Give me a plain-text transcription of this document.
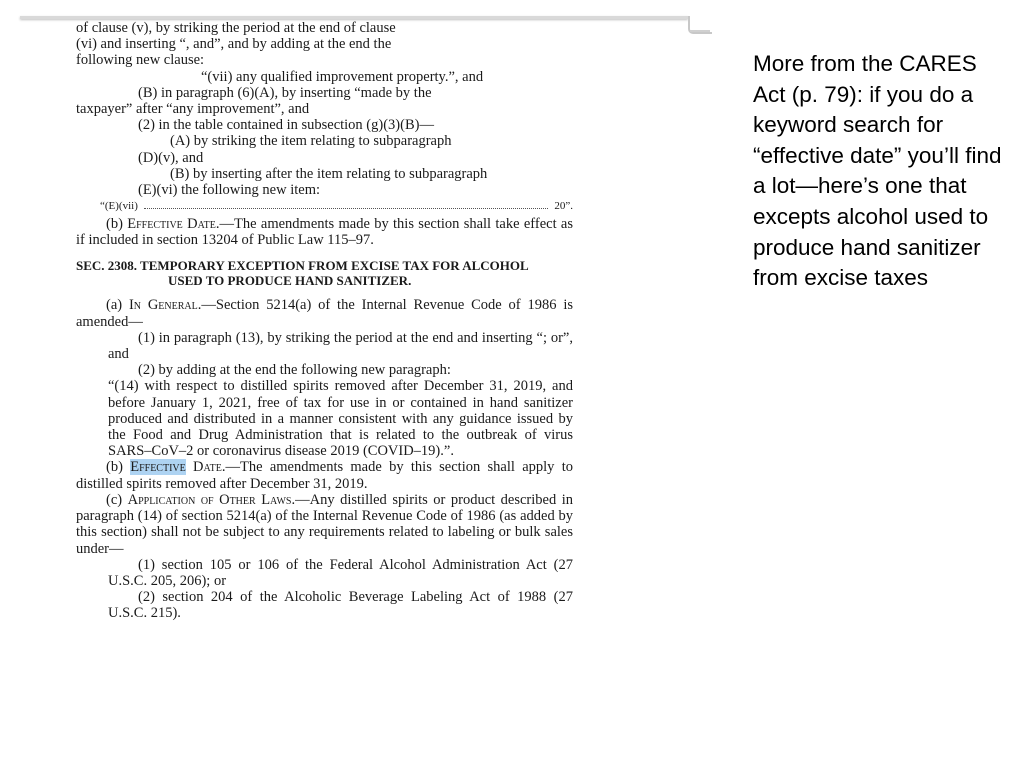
of clause (v), by striking the period at the end of clause

(vi) and inserting “, and”, and by adding at the end the

following new clause:

“(vii) any qualified improvement property.”, and

(B) in paragraph (6)(A), by inserting “made by the

taxpayer” after “any improvement”, and

(2) in the table contained in subsection (g)(3)(B)—

(A) by striking the item relating to subparagraph

(D)(v), and

(B) by inserting after the item relating to subparagraph

(E)(vi) the following new item:

“(E)(vii)	20”.

(b) Effective Date.—The amendments made by this section shall take effect as if included in section 13204 of Public Law 115–97.

SEC. 2308. TEMPORARY EXCEPTION FROM EXCISE TAX FOR ALCOHOL

USED TO PRODUCE HAND SANITIZER.

(a) In General.—Section 5214(a) of the Internal Revenue Code of 1986 is amended—

(1) in paragraph (13), by striking the period at the end and inserting “; or”, and

(2) by adding at the end the following new paragraph:

“(14) with respect to distilled spirits removed after December 31, 2019, and before January 1, 2021, free of tax for use in or contained in hand sanitizer produced and distributed in a manner consistent with any guidance issued by the Food and Drug Administration that is related to the outbreak of virus SARS–CoV–2 or coronavirus disease 2019 (COVID–19).”.

(b) Effective Date.—The amendments made by this section shall apply to distilled spirits removed after December 31, 2019.

(c) Application of Other Laws.—Any distilled spirits or product described in paragraph (14) of section 5214(a) of the Internal Revenue Code of 1986 (as added by this section) shall not be subject to any requirements related to labeling or bulk sales under—

(1) section 105 or 106 of the Federal Alcohol Administration Act (27 U.S.C. 205, 206); or

(2) section 204 of the Alcoholic Beverage Labeling Act of 1988 (27 U.S.C. 215).

More from the CARES Act (p. 79): if you do a keyword search for “effective date” you’ll find a lot—here’s one that excepts alcohol used to produce hand sanitizer from excise taxes
